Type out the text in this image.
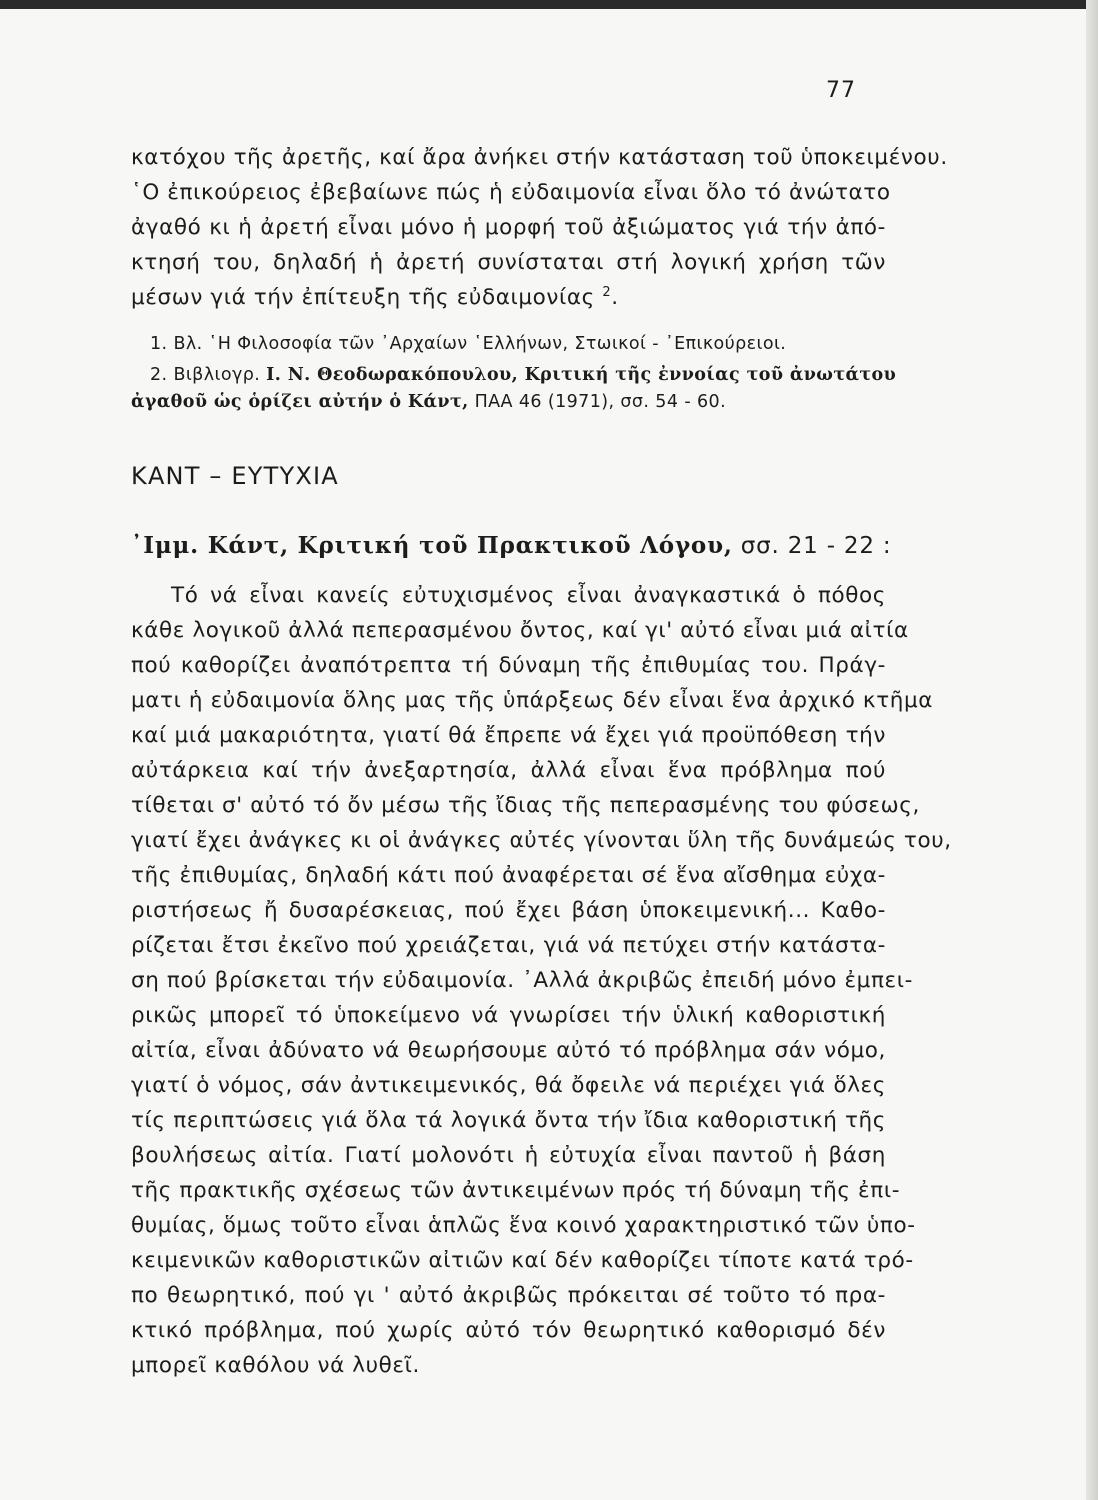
77
κατόχου τῆς ἀρετῆς, καί ἄρα ἀνήκει στήν κατάσταση τοῦ ὑποκειμένου.
῾Ο ἐπικούρειος ἐβεβαίωνε πώς ἡ εὐδαιμονία εἶναι ὅλο τό ἀνώτατο
ἀγαθό κι ἡ ἀρετή εἶναι μόνο ἡ μορφή τοῦ ἀξιώματος γιά τήν ἀπό-
κτησή του, δηλαδή ἡ ἀρετή συνίσταται στή λογική χρήση τῶν
μέσων γιά τήν ἐπίτευξη τῆς εὐδαιμονίας $^2$.
1. Βλ. ῾Η Φιλοσοφία τῶν ᾿Αρχαίων ῾Ελλήνων, Στωικοί - ᾿Επικούρειοι.
2. Βιβλιογρ. Ι. Ν. Θεοδωρακόπουλου, Κριτική τῆς ἐννοίας τοῦ ἀνωτάτου
ἀγαθοῦ ὡς ὁρίζει αὐτήν ὁ Κάντ, ΠΑΑ 46 (1971), σσ. 54 - 60.
ΚΑΝΤ – ΕΥΤΥΧΙΑ
᾿Ιμμ. Κάντ, Κριτική τοῦ Πρακτικοῦ Λόγου, σσ. 21 - 22 :
Τό νά εἶναι κανείς εὐτυχισμένος εἶναι ἀναγκαστικά ὁ πόθος
κάθε λογικοῦ ἀλλά πεπερασμένου ὄντος, καί γι' αὐτό εἶναι μιά αἰτία
πού καθορίζει ἀναπότρεπτα τή δύναμη τῆς ἐπιθυμίας του. Πράγ-
ματι ἡ εὐδαιμονία ὅλης μας τῆς ὑπάρξεως δέν εἶναι ἕνα ἀρχικό κτῆμα
καί μιά μακαριότητα, γιατί θά ἔπρεπε νά ἔχει γιά προϋπόθεση τήν
αὐτάρκεια καί τήν ἀνεξαρτησία, ἀλλά εἶναι ἕνα πρόβλημα πού
τίθεται σ' αὐτό τό ὄν μέσω τῆς ἴδιας τῆς πεπερασμένης του φύσεως,
γιατί ἔχει ἀνάγκες κι οἱ ἀνάγκες αὐτές γίνονται ὕλη τῆς δυνάμεώς του,
τῆς ἐπιθυμίας, δηλαδή κάτι πού ἀναφέρεται σέ ἕνα αἴσθημα εὐχα-
ριστήσεως ἤ δυσαρέσκειας, πού ἔχει βάση ὑποκειμενική... Καθο-
ρίζεται ἔτσι ἐκεῖνο πού χρειάζεται, γιά νά πετύχει στήν κατάστα-
ση πού βρίσκεται τήν εὐδαιμονία. ᾿Αλλά ἀκριβῶς ἐπειδή μόνο ἐμπει-
ρικῶς μπορεῖ τό ὑποκείμενο νά γνωρίσει τήν ὑλική καθοριστική
αἰτία, εἶναι ἀδύνατο νά θεωρήσουμε αὐτό τό πρόβλημα σάν νόμο,
γιατί ὁ νόμος, σάν ἀντικειμενικός, θά ὄφειλε νά περιέχει γιά ὅλες
τίς περιπτώσεις γιά ὅλα τά λογικά ὄντα τήν ἴδια καθοριστική τῆς
βουλήσεως αἰτία. Γιατί μολονότι ἡ εὐτυχία εἶναι παντοῦ ἡ βάση
τῆς πρακτικῆς σχέσεως τῶν ἀντικειμένων πρός τή δύναμη τῆς ἐπι-
θυμίας, ὅμως τοῦτο εἶναι ἁπλῶς ἕνα κοινό χαρακτηριστικό τῶν ὑπο-
κειμενικῶν καθοριστικῶν αἰτιῶν καί δέν καθορίζει τίποτε κατά τρό-
πο θεωρητικό, πού γι ' αὐτό ἀκριβῶς πρόκειται σέ τοῦτο τό πρα-
κτικό πρόβλημα, πού χωρίς αὐτό τόν θεωρητικό καθορισμό δέν
μπορεῖ καθόλου νά λυθεῖ.
